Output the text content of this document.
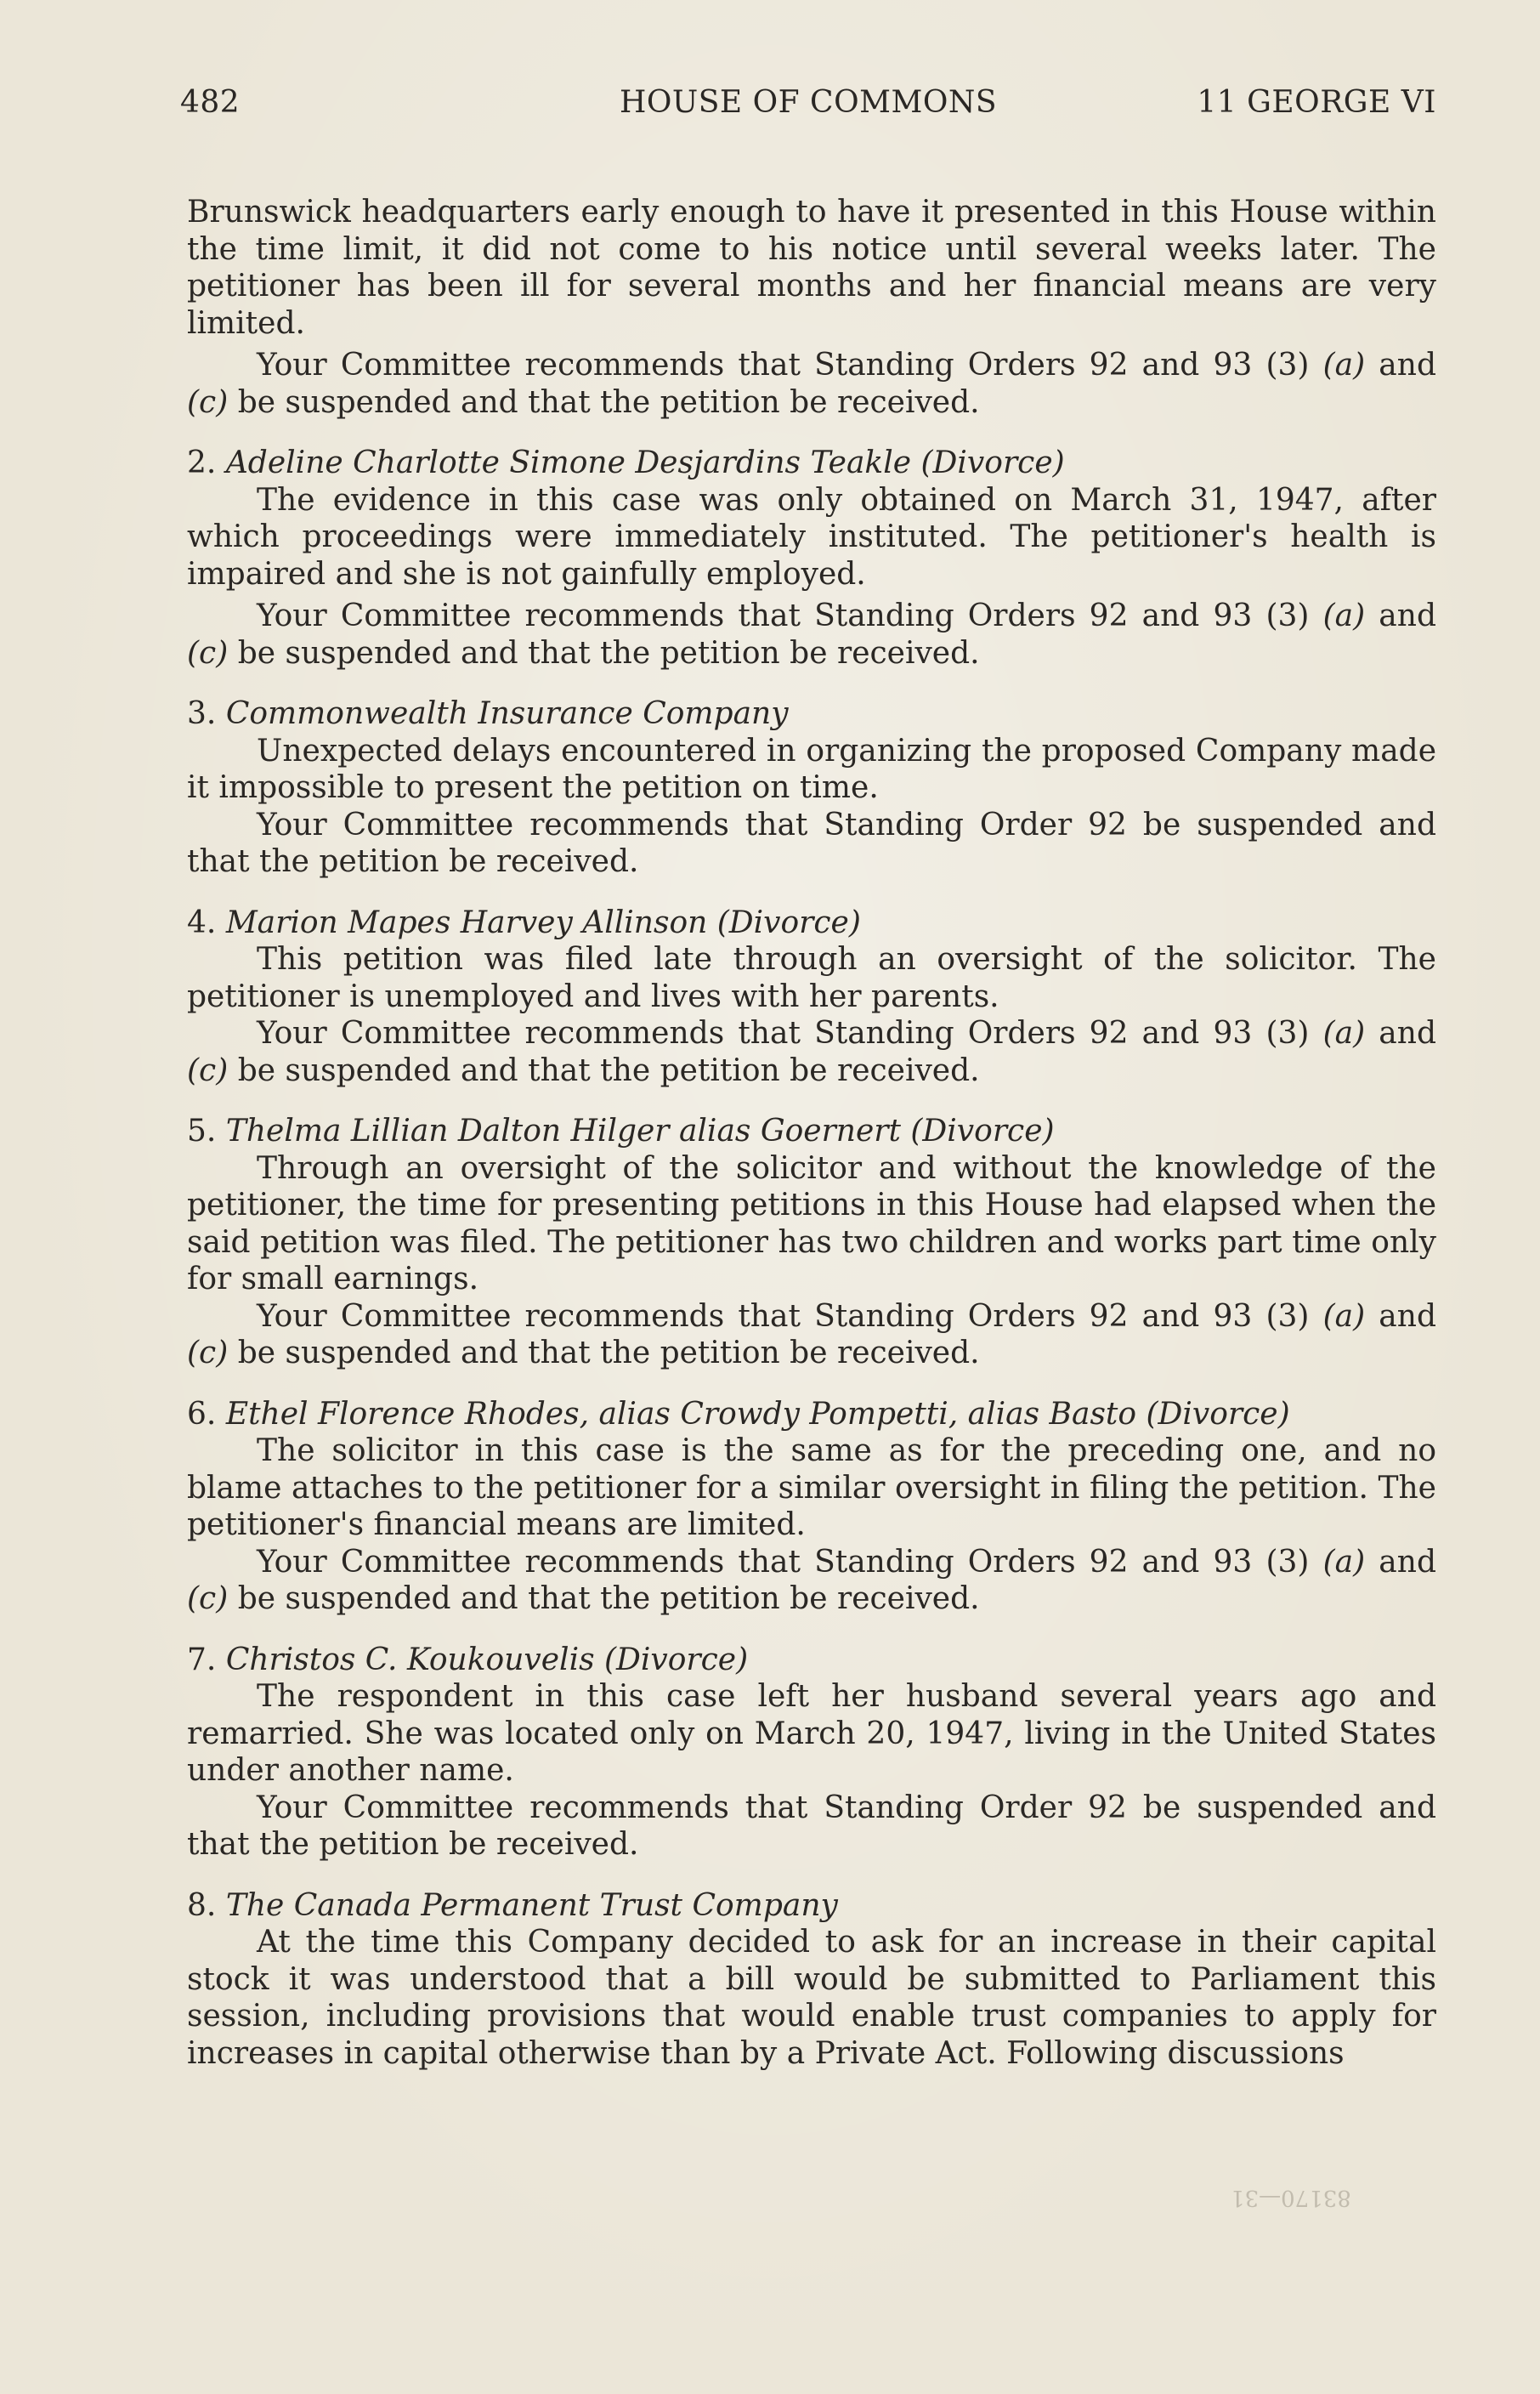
482	HOUSE OF COMMONS	11 GEORGE VI

Brunswick headquarters early enough to have it presented in this House within the time limit, it did not come to his notice until several weeks later. The petitioner has been ill for several months and her financial means are very limited.

Your Committee recommends that Standing Orders 92 and 93 (3) (a) and (c) be suspended and that the petition be received.

2. Adeline Charlotte Simone Desjardins Teakle (Divorce)

The evidence in this case was only obtained on March 31, 1947, after which proceedings were immediately instituted. The petitioner's health is impaired and she is not gainfully employed.

Your Committee recommends that Standing Orders 92 and 93 (3) (a) and (c) be suspended and that the petition be received.

3. Commonwealth Insurance Company

Unexpected delays encountered in organizing the proposed Company made it impossible to present the petition on time.

Your Committee recommends that Standing Order 92 be suspended and that the petition be received.

4. Marion Mapes Harvey Allinson (Divorce)

This petition was filed late through an oversight of the solicitor. The petitioner is unemployed and lives with her parents.

Your Committee recommends that Standing Orders 92 and 93 (3) (a) and (c) be suspended and that the petition be received.

5. Thelma Lillian Dalton Hilger alias Goernert (Divorce)

Through an oversight of the solicitor and without the knowledge of the petitioner, the time for presenting petitions in this House had elapsed when the said petition was filed. The petitioner has two children and works part time only for small earnings.

Your Committee recommends that Standing Orders 92 and 93 (3) (a) and (c) be suspended and that the petition be received.

6. Ethel Florence Rhodes, alias Crowdy Pompetti, alias Basto (Divorce)

The solicitor in this case is the same as for the preceding one, and no blame attaches to the petitioner for a similar oversight in filing the petition. The petitioner's financial means are limited.

Your Committee recommends that Standing Orders 92 and 93 (3) (a) and (c) be suspended and that the petition be received.

7. Christos C. Koukouvelis (Divorce)

The respondent in this case left her husband several years ago and remarried. She was located only on March 20, 1947, living in the United States under another name.

Your Committee recommends that Standing Order 92 be suspended and that the petition be received.

8. The Canada Permanent Trust Company

At the time this Company decided to ask for an increase in their capital stock it was understood that a bill would be submitted to Parliament this session, including provisions that would enable trust companies to apply for increases in capital otherwise than by a Private Act. Following discussions

83170—31
